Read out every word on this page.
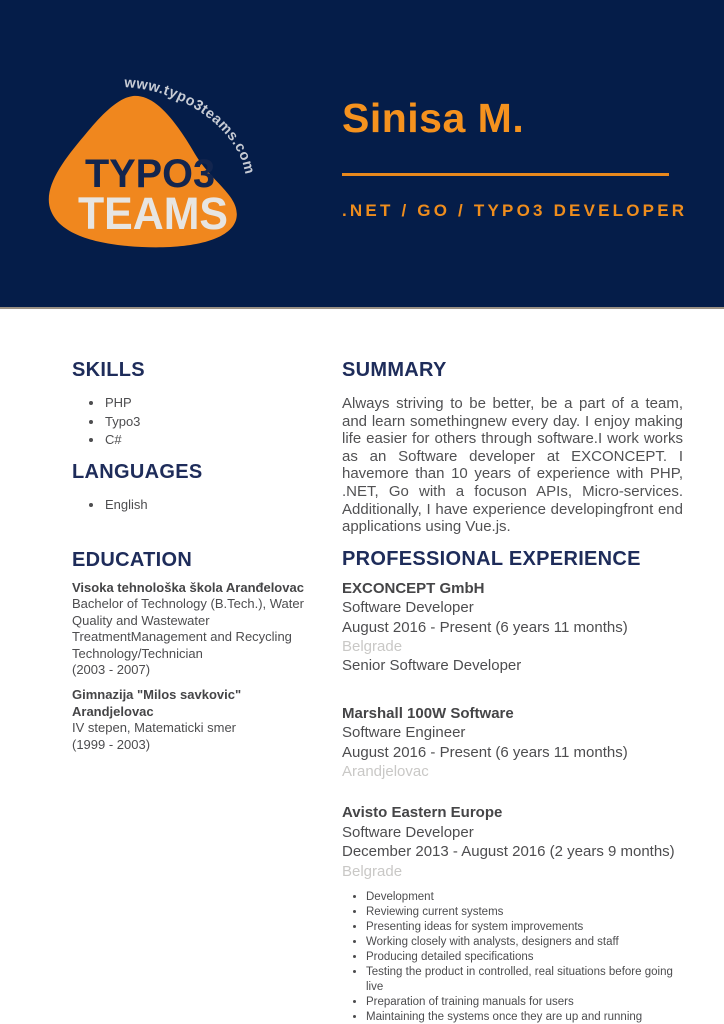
www.typo3teams.com
TYPO3
TEAMS
Sinisa M.
.NET / GO / TYPO3 DEVELOPER
SKILLS
• PHP
• Typo3
• C#
LANGUAGES
• English
EDUCATION
Visoka tehnološka škola Aranđelovac
Bachelor of Technology (B.Tech.), Water Quality and Wastewater TreatmentManagement and Recycling Technology/Technician
(2003 - 2007)
Gimnazija "Milos savkovic" Arandjelovac
IV stepen, Matematicki smer
(1999 - 2003)
SUMMARY

Always striving to be better, be a part of a team, and learn somethingnew every day. I enjoy making life easier for others through software.I work works as an Software developer at EXCONCEPT. I havemore than 10 years of experience with PHP, .NET, Go with a focuson APIs, Micro-services. Additionally, I have experience developingfront end applications using Vue.js.

PROFESSIONAL EXPERIENCE
EXCONCEPT GmbH
Software Developer
August 2016 - Present (6 years 11 months)
Belgrade
Senior Software Developer
Marshall 100W Software
Software Engineer
August 2016 - Present (6 years 11 months)
Arandjelovac
Avisto Eastern Europe
Software Developer
December 2013 - August 2016 (2 years 9 months)
Belgrade
• Development
• Reviewing current systems
• Presenting ideas for system improvements
• Working closely with analysts, designers and staff
• Producing detailed specifications
• Testing the product in controlled, real situations before going live
• Preparation of training manuals for users
• Maintaining the systems once they are up and running
